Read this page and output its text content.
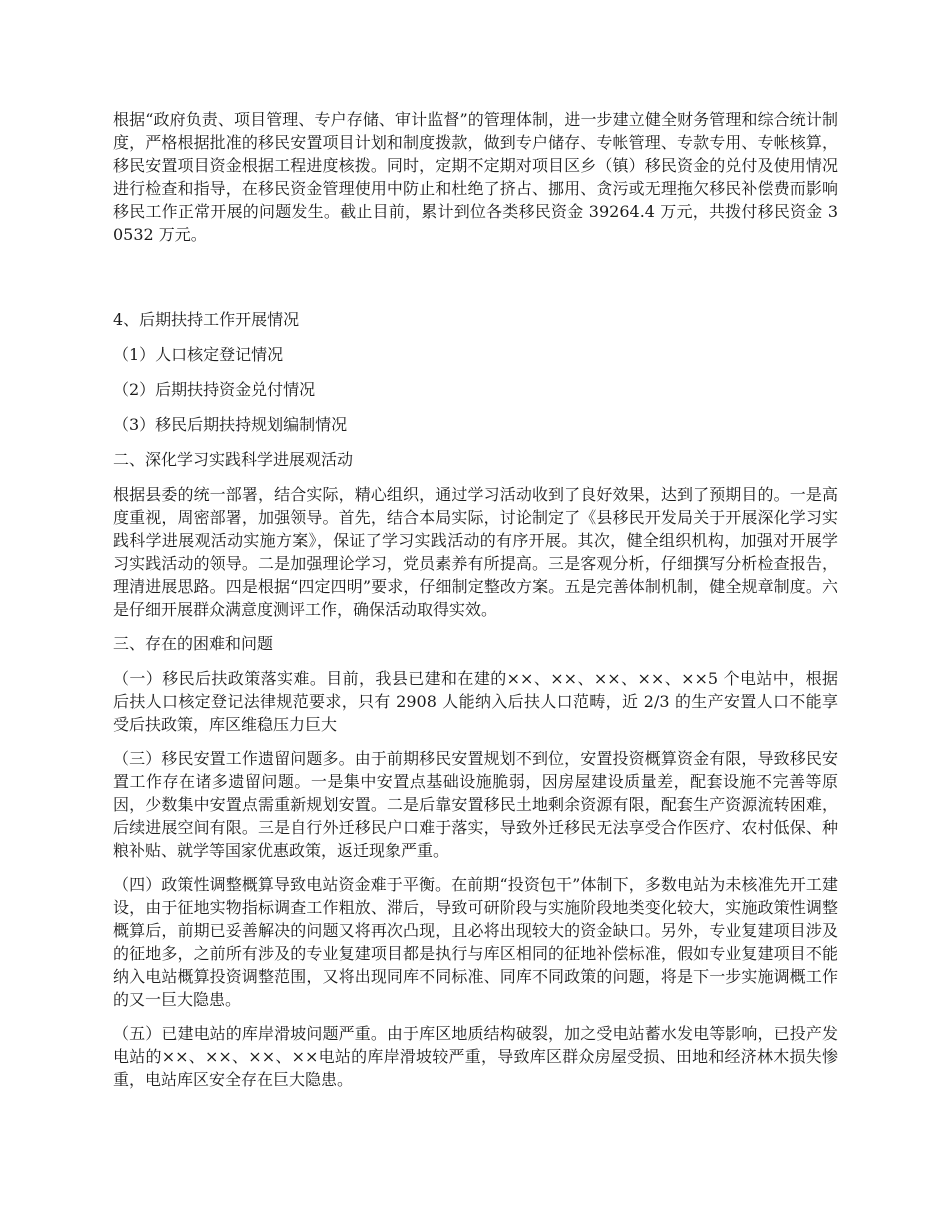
根据“政府负责、项目管理、专户存储、审计监督”的管理体制，进一步建立健全财务管理和综合统计制度，严格根据批准的移民安置项目计划和制度拨款，做到专户储存、专帐管理、专款专用、专帐核算，移民安置项目资金根据工程进度核拨。同时，定期不定期对项目区乡（镇）移民资金的兑付及使用情况进行检查和指导，在移民资金管理使用中防止和杜绝了挤占、挪用、贪污或无理拖欠移民补偿费而影响移民工作正常开展的问题发生。截止目前，累计到位各类移民资金 39264.4 万元，共拨付移民资金 30532 万元。

4、后期扶持工作开展情况

（1）人口核定登记情况

（2）后期扶持资金兑付情况

（3）移民后期扶持规划编制情况

二、深化学习实践科学进展观活动

根据县委的统一部署，结合实际，精心组织，通过学习活动收到了良好效果，达到了预期目的。一是高度重视，周密部署，加强领导。首先，结合本局实际，讨论制定了《县移民开发局关于开展深化学习实践科学进展观活动实施方案》，保证了学习实践活动的有序开展。其次，健全组织机构，加强对开展学习实践活动的领导。二是加强理论学习，党员素养有所提高。三是客观分析，仔细撰写分析检查报告，理清进展思路。四是根据“四定四明”要求，仔细制定整改方案。五是完善体制机制，健全规章制度。六是仔细开展群众满意度测评工作，确保活动取得实效。

三、存在的困难和问题

（一）移民后扶政策落实难。目前，我县已建和在建的××、××、××、××、××5 个电站中，根据后扶人口核定登记法律规范要求，只有 2908 人能纳入后扶人口范畴，近 2/3 的生产安置人口不能享受后扶政策，库区维稳压力巨大

（三）移民安置工作遗留问题多。由于前期移民安置规划不到位，安置投资概算资金有限，导致移民安置工作存在诸多遗留问题。一是集中安置点基础设施脆弱，因房屋建设质量差，配套设施不完善等原因，少数集中安置点需重新规划安置。二是后靠安置移民土地剩余资源有限，配套生产资源流转困难，后续进展空间有限。三是自行外迁移民户口难于落实，导致外迁移民无法享受合作医疗、农村低保、种粮补贴、就学等国家优惠政策，返迁现象严重。

（四）政策性调整概算导致电站资金难于平衡。在前期“投资包干”体制下，多数电站为未核准先开工建设，由于征地实物指标调查工作粗放、滞后，导致可研阶段与实施阶段地类变化较大，实施政策性调整概算后，前期已妥善解决的问题又将再次凸现，且必将出现较大的资金缺口。另外，专业复建项目涉及的征地多，之前所有涉及的专业复建项目都是执行与库区相同的征地补偿标准，假如专业复建项目不能纳入电站概算投资调整范围，又将出现同库不同标准、同库不同政策的问题，将是下一步实施调概工作的又一巨大隐患。

（五）已建电站的库岸滑坡问题严重。由于库区地质结构破裂，加之受电站蓄水发电等影响，已投产发电站的××、××、××、××电站的库岸滑坡较严重，导致库区群众房屋受损、田地和经济林木损失惨重，电站库区安全存在巨大隐患。
